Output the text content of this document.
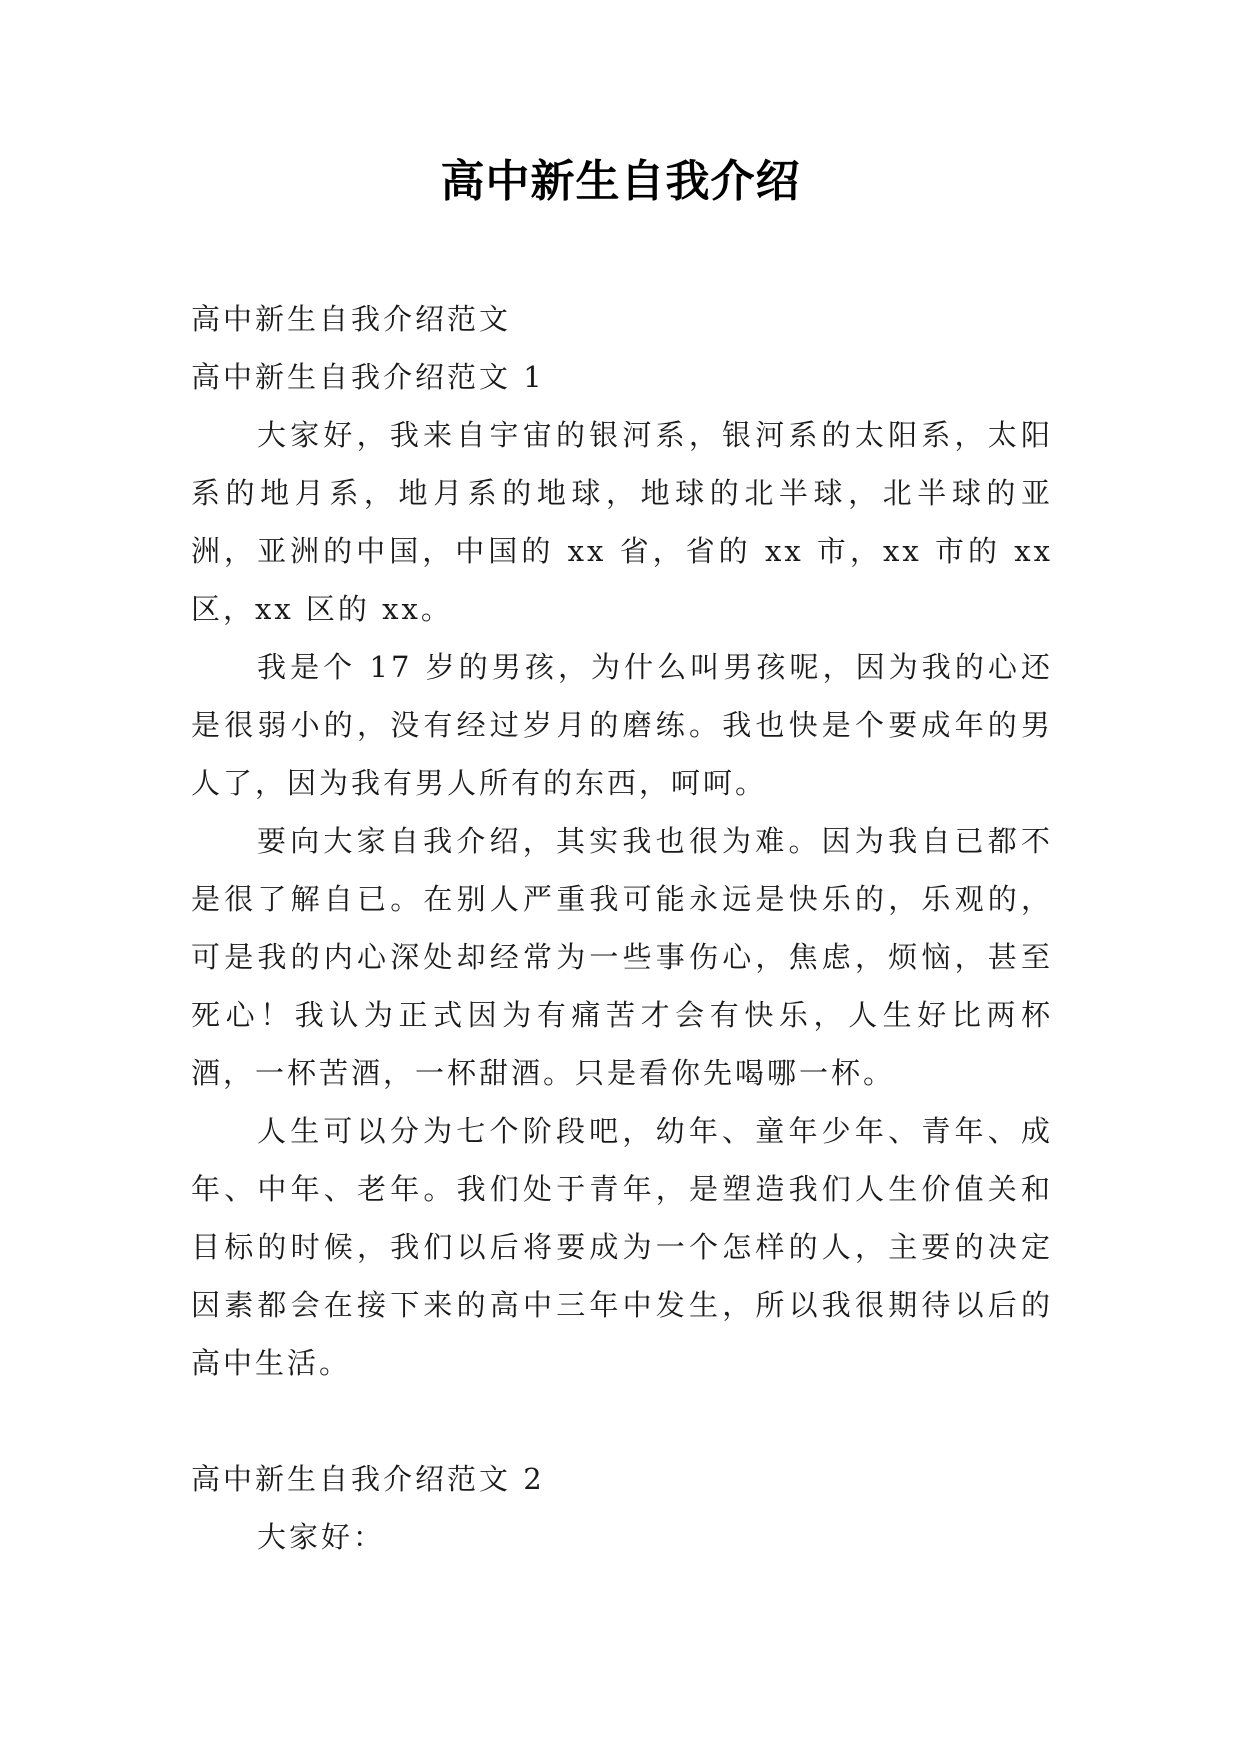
高中新生自我介绍

高中新生自我介绍范文

高中新生自我介绍范文 1

大家好，我来自宇宙的银河系，银河系的太阳系，太阳系的地月系，地月系的地球，地球的北半球，北半球的亚洲，亚洲的中国，中国的 xx 省，省的 xx 市，xx 市的 xx 区，xx 区的 xx。

我是个 17 岁的男孩，为什么叫男孩呢，因为我的心还是很弱小的，没有经过岁月的磨练。我也快是个要成年的男人了，因为我有男人所有的东西，呵呵。

要向大家自我介绍，其实我也很为难。因为我自已都不是很了解自已。在别人严重我可能永远是快乐的，乐观的，可是我的内心深处却经常为一些事伤心，焦虑，烦恼，甚至死心！我认为正式因为有痛苦才会有快乐，人生好比两杯酒，一杯苦酒，一杯甜酒。只是看你先喝哪一杯。

人生可以分为七个阶段吧，幼年、童年少年、青年、成年、中年、老年。我们处于青年，是塑造我们人生价值关和目标的时候，我们以后将要成为一个怎样的人，主要的决定因素都会在接下来的高中三年中发生，所以我很期待以后的高中生活。

高中新生自我介绍范文 2

大家好：
